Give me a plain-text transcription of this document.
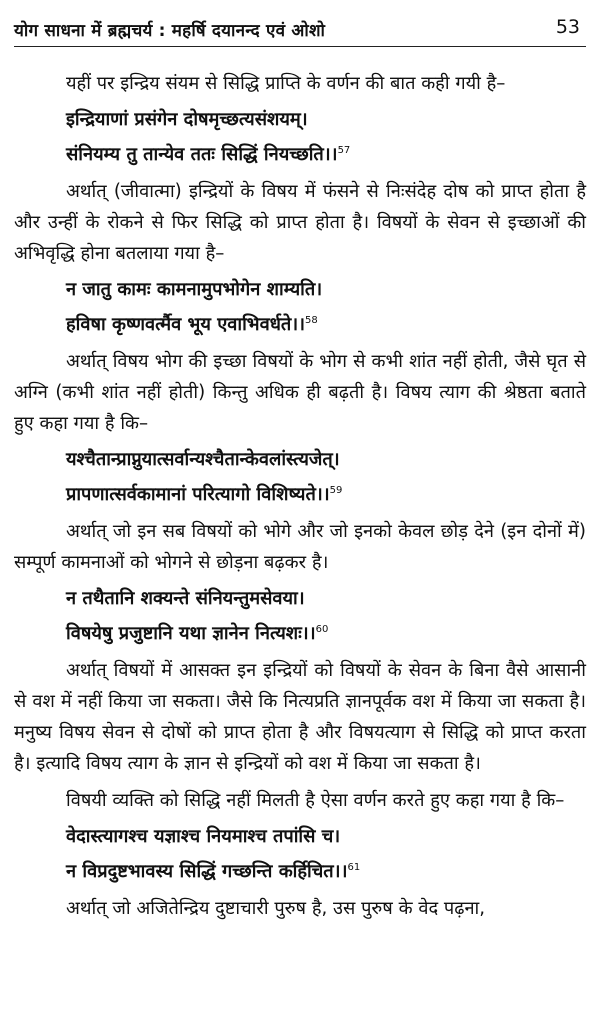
योग साधना में ब्रह्मचर्य : महर्षि दयानन्द एवं ओशो	53

यहीं पर इन्द्रिय संयम से सिद्धि प्राप्ति के वर्णन की बात कही गयी है–

इन्द्रियाणां प्रसंगेन दोषमृच्छत्यसंशयम्।
संनियम्य तु तान्येव ततः सिद्धिं नियच्छति।।$^{57}$

अर्थात् (जीवात्मा) इन्द्रियों के विषय में फंसने से निःसंदेह दोष को प्राप्त होता है और उन्हीं के रोकने से फिर सिद्धि को प्राप्त होता है। विषयों के सेवन से इच्छाओं की अभिवृद्धि होना बतलाया गया है–

न जातु कामः कामनामुपभोगेन शाम्यति।
हविषा कृष्णवर्त्मैव भूय एवाभिवर्धते।।$^{58}$

अर्थात् विषय भोग की इच्छा विषयों के भोग से कभी शांत नहीं होती, जैसे घृत से अग्नि (कभी शांत नहीं होती) किन्तु अधिक ही बढ़ती है। विषय त्याग की श्रेष्ठता बताते हुए कहा गया है कि–

यश्चैतान्प्राप्नुयात्सर्वान्यश्चैतान्केवलांस्त्यजेत्।
प्रापणात्सर्वकामानां परित्यागो विशिष्यते।।$^{59}$

अर्थात् जो इन सब विषयों को भोगे और जो इनको केवल छोड़ देने (इन दोनों में) सम्पूर्ण कामनाओं को भोगने से छोड़ना बढ़कर है।

न तथैतानि शक्यन्ते संनियन्तुमसेवया।
विषयेषु प्रजुष्टानि यथा ज्ञानेन नित्यशः।।$^{60}$

अर्थात् विषयों में आसक्त इन इन्द्रियों को विषयों के सेवन के बिना वैसे आसानी से वश में नहीं किया जा सकता। जैसे कि नित्यप्रति ज्ञानपूर्वक वश में किया जा सकता है। मनुष्य विषय सेवन से दोषों को प्राप्त होता है और विषयत्याग से सिद्धि को प्राप्त करता है। इत्यादि विषय त्याग के ज्ञान से इन्द्रियों को वश में किया जा सकता है।

विषयी व्यक्ति को सिद्धि नहीं मिलती है ऐसा वर्णन करते हुए कहा गया है कि–

वेदास्त्यागश्च यज्ञाश्च नियमाश्च तपांसि च।
न विप्रदुष्टभावस्य सिद्धिं गच्छन्ति कर्हिचित।।$^{61}$

अर्थात् जो अजितेन्द्रिय दुष्टाचारी पुरुष है, उस पुरुष के वेद पढ़ना,
